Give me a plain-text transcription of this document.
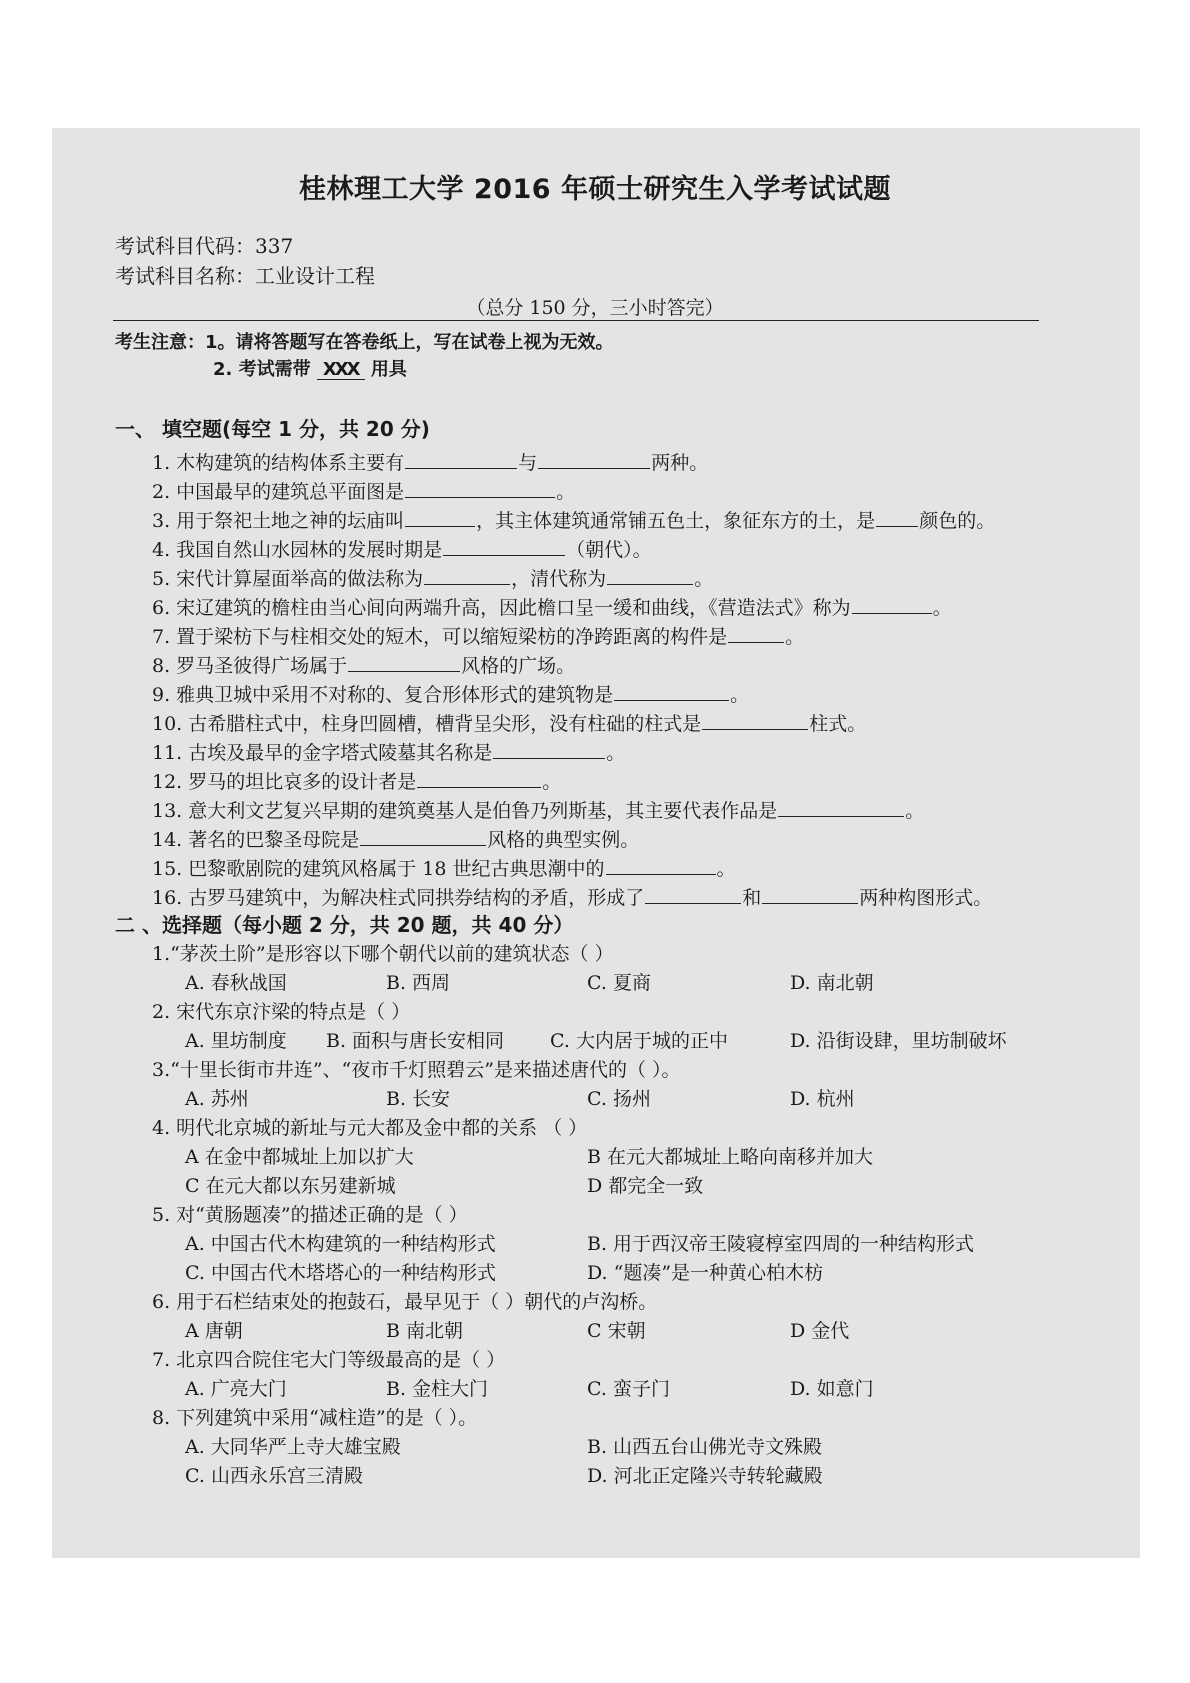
桂林理工大学 2016 年硕士研究生入学考试试题
考试科目代码：337
考试科目名称：工业设计工程
（总分 150 分，三小时答完）
考生注意：1。请将答题写在答卷纸上，写在试卷上视为无效。
2. 考试需带 XXX 用具
一、 填空题(每空 1 分，共 20 分)
1. 木构建筑的结构体系主要有	与	两种。
2. 中国最早的建筑总平面图是	。
3. 用于祭祀土地之神的坛庙叫	，其主体建筑通常铺五色土，象征东方的土，是 颜色的。
4. 我国自然山水园林的发展时期是	（朝代）。
5. 宋代计算屋面举高的做法称为	，清代称为	。
6. 宋辽建筑的檐柱由当心间向两端升高，因此檐口呈一缓和曲线，《营造法式》称为	。
7. 置于梁枋下与柱相交处的短木，可以缩短梁枋的净跨距离的构件是	。
8. 罗马圣彼得广场属于	风格的广场。
9. 雅典卫城中采用不对称的、复合形体形式的建筑物是	。
10. 古希腊柱式中，柱身凹圆槽，槽背呈尖形，没有柱础的柱式是	柱式。
11. 古埃及最早的金字塔式陵墓其名称是	。
12. 罗马的坦比哀多的设计者是	。
13. 意大利文艺复兴早期的建筑奠基人是伯鲁乃列斯基，其主要代表作品是	。
14. 著名的巴黎圣母院是	风格的典型实例。
15. 巴黎歌剧院的建筑风格属于 18 世纪古典思潮中的	。
16. 古罗马建筑中，为解决柱式同拱券结构的矛盾，形成了	和	两种构图形式。
二 、选择题（每小题 2 分，共 20 题，共 40 分）
1.“茅茨土阶”是形容以下哪个朝代以前的建筑状态（ ）
A. 春秋战国	B. 西周	C. 夏商	D. 南北朝
2. 宋代东京汴梁的特点是（ ）
A. 里坊制度 B. 面积与唐长安相同 C. 大内居于城的正中	D. 沿街设肆，里坊制破坏
3.“十里长街市井连”、“夜市千灯照碧云”是来描述唐代的（ ）。
A. 苏州	B. 长安	C. 扬州	D. 杭州
4. 明代北京城的新址与元大都及金中都的关系 （ ）
A 在金中都城址上加以扩大	B 在元大都城址上略向南移并加大
C 在元大都以东另建新城	D 都完全一致
5. 对“黄肠题凑”的描述正确的是（ ）
A. 中国古代木构建筑的一种结构形式	B. 用于西汉帝王陵寝椁室四周的一种结构形式
C. 中国古代木塔塔心的一种结构形式	D. “题凑”是一种黄心柏木枋
6. 用于石栏结束处的抱鼓石，最早见于（ ）朝代的卢沟桥。
A 唐朝	B 南北朝	C 宋朝	D 金代
7. 北京四合院住宅大门等级最高的是（ ）
A. 广亮大门	B. 金柱大门	C. 蛮子门	D. 如意门
8. 下列建筑中采用“减柱造”的是（ ）。
A. 大同华严上寺大雄宝殿	B. 山西五台山佛光寺文殊殿
C. 山西永乐宫三清殿	D. 河北正定隆兴寺转轮藏殿
